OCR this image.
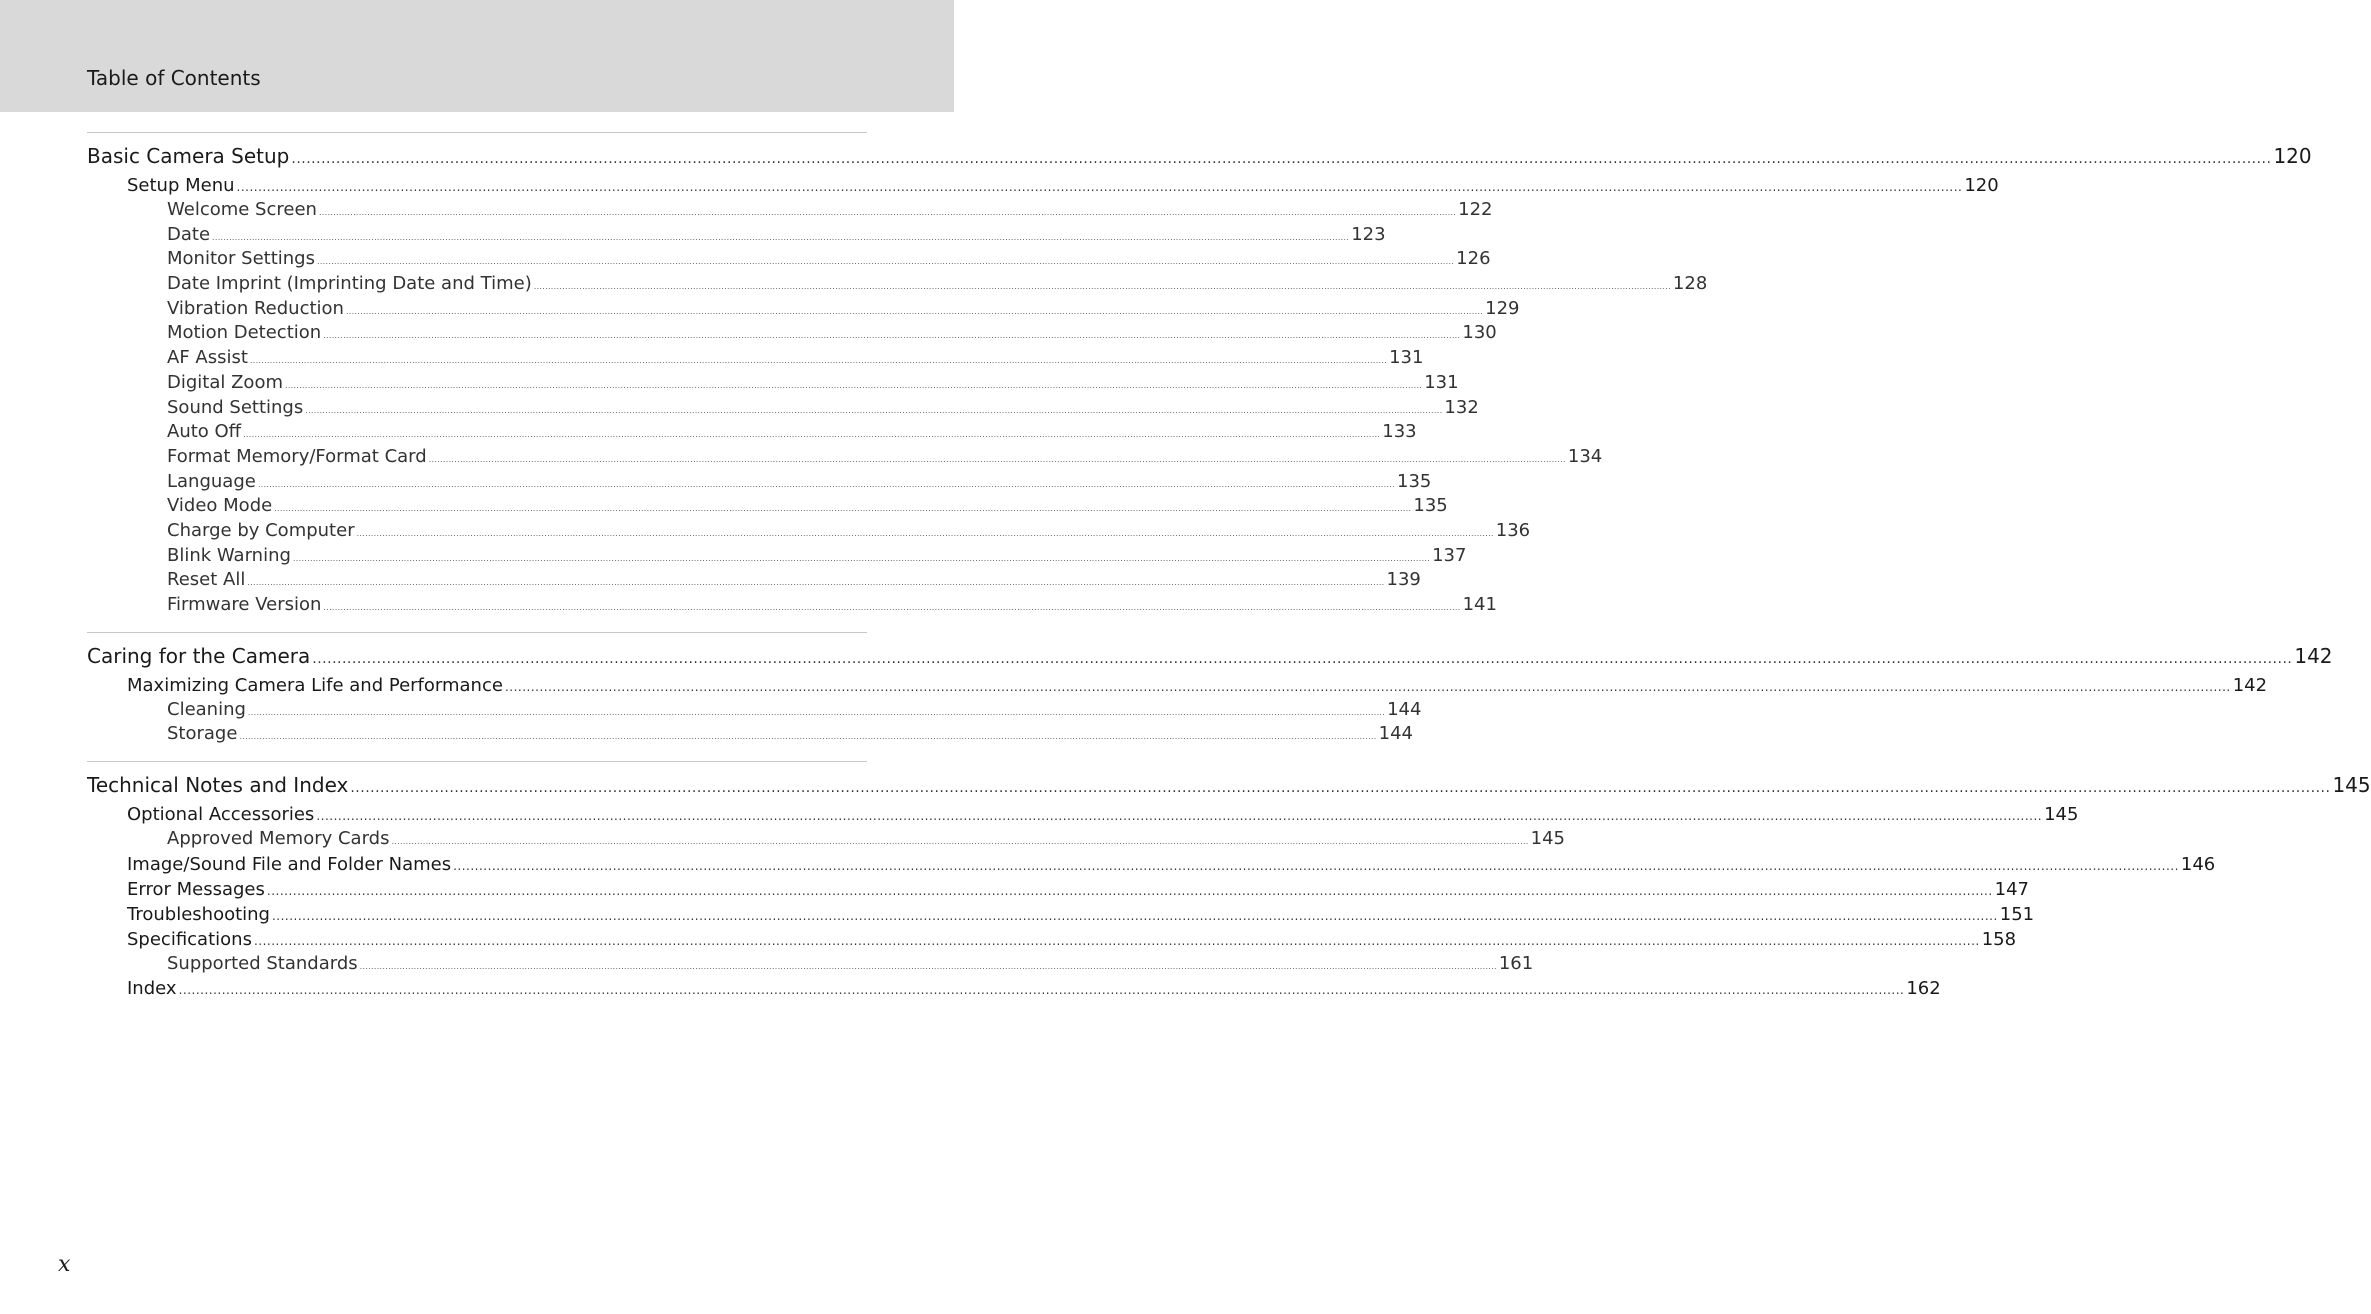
Table of Contents
Basic Camera Setup ................................................................................................................................................................................................................................................................................................................................................................................................................ 120
Setup Menu ................................................................................................................................................................................................................................................................................................................................................................................................................ 120
Welcome Screen ................................................................................................................................................................................................................................................................................................................................................................................................................ 122
Date ................................................................................................................................................................................................................................................................................................................................................................................................................ 123
Monitor Settings ................................................................................................................................................................................................................................................................................................................................................................................................................ 126
Date Imprint (Imprinting Date and Time) ................................................................................................................................................................................................................................................................................................................................................................................................................ 128
Vibration Reduction ................................................................................................................................................................................................................................................................................................................................................................................................................ 129
Motion Detection ................................................................................................................................................................................................................................................................................................................................................................................................................ 130
AF Assist ................................................................................................................................................................................................................................................................................................................................................................................................................ 131
Digital Zoom ................................................................................................................................................................................................................................................................................................................................................................................................................ 131
Sound Settings ................................................................................................................................................................................................................................................................................................................................................................................................................ 132
Auto Off ................................................................................................................................................................................................................................................................................................................................................................................................................ 133
Format Memory/Format Card ................................................................................................................................................................................................................................................................................................................................................................................................................ 134
Language ................................................................................................................................................................................................................................................................................................................................................................................................................ 135
Video Mode ................................................................................................................................................................................................................................................................................................................................................................................................................ 135
Charge by Computer ................................................................................................................................................................................................................................................................................................................................................................................................................ 136
Blink Warning ................................................................................................................................................................................................................................................................................................................................................................................................................ 137
Reset All ................................................................................................................................................................................................................................................................................................................................................................................................................ 139
Firmware Version ................................................................................................................................................................................................................................................................................................................................................................................................................ 141
Caring for the Camera ................................................................................................................................................................................................................................................................................................................................................................................................................ 142
Maximizing Camera Life and Performance ................................................................................................................................................................................................................................................................................................................................................................................................................ 142
Cleaning ................................................................................................................................................................................................................................................................................................................................................................................................................ 144
Storage ................................................................................................................................................................................................................................................................................................................................................................................................................ 144
Technical Notes and Index ................................................................................................................................................................................................................................................................................................................................................................................................................ 145
Optional Accessories ................................................................................................................................................................................................................................................................................................................................................................................................................ 145
Approved Memory Cards ................................................................................................................................................................................................................................................................................................................................................................................................................ 145
Image/Sound File and Folder Names ................................................................................................................................................................................................................................................................................................................................................................................................................ 146
Error Messages ................................................................................................................................................................................................................................................................................................................................................................................................................ 147
Troubleshooting ................................................................................................................................................................................................................................................................................................................................................................................................................ 151
Specifications ................................................................................................................................................................................................................................................................................................................................................................................................................ 158
Supported Standards ................................................................................................................................................................................................................................................................................................................................................................................................................ 161
Index ................................................................................................................................................................................................................................................................................................................................................................................................................ 162
x
